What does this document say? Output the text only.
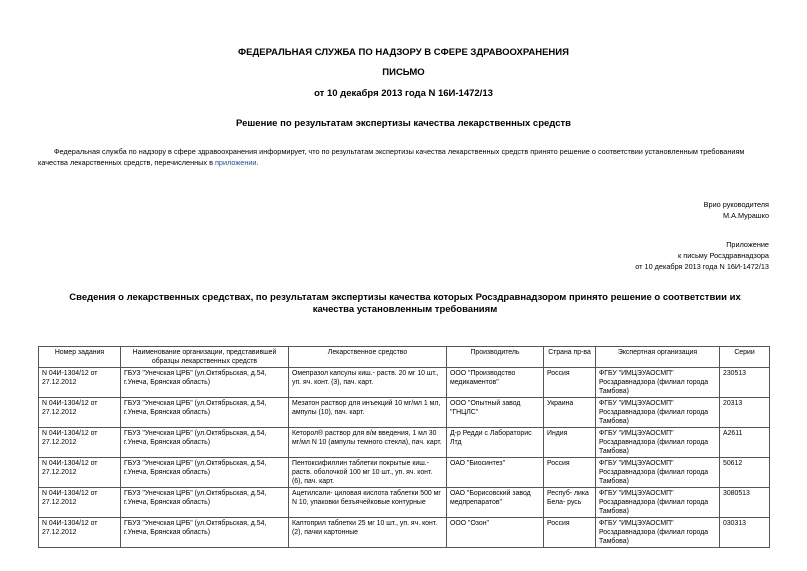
ФЕДЕРАЛЬНАЯ СЛУЖБА ПО НАДЗОРУ В СФЕРЕ ЗДРАВООХРАНЕНИЯ
ПИСЬМО
от 10 декабря 2013 года N 16И-1472/13
Решение по результатам экспертизы качества лекарственных средств

Федеральная служба по надзору в сфере здравоохранения информирует, что по результатам экспертизы качества лекарственных средств принято решение о соответствии установленным требованиям качества лекарственных средств, перечисленных в приложении.

Врио руководителя
М.А.Мурашко
Приложение
к письму Росздравнадзора
от 10 декабря 2013 года N 16И-1472/13
Сведения о лекарственных средствах, по результатам экспертизы качества которых Росздравнадзором принято решение о соответствии их качества установленным требованиям
Номер задания	Наименование организации, представившей образцы лекарственных средств	Лекарственное средство	Производитель	Страна пр-ва	Экспертная организация	Серии
N 04И-1304/12 от 27.12.2012	ГБУЗ "Унечская ЦРБ" (ул.Октябрьская, д.54, г.Унеча, Брянская область)	Омепразол капсулы киш.- раств. 20 мг 10 шт., уп. яч. конт. (3), пач. карт.	ООО "Производство медикаментов"	Россия	ФГБУ "ИМЦЭУАОСМП" Росздравнадзора (филиал города Тамбова)	230513
N 04И-1304/12 от 27.12.2012	ГБУЗ "Унечская ЦРБ" (ул.Октябрьская, д.54, г.Унеча, Брянская область)	Мезатон раствор для инъекций 10 мг/мл 1 мл, ампулы (10), пач. карт.	ООО "Опытный завод "ГНЦЛС"	Украина	ФГБУ "ИМЦЭУАОСМП" Росздравнадзора (филиал города Тамбова)	20313
N 04И-1304/12 от 27.12.2012	ГБУЗ "Унечская ЦРБ" (ул.Октябрьская, д.54, г.Унеча, Брянская область)	Кеторол® раствор для в/м введения, 1 мл 30 мг/мл N 10 (ампулы темного стекла), пач. карт.	Д-р Редди с Лабораторис Лтд	Индия	ФГБУ "ИМЦЭУАОСМП" Росздравнадзора (филиал города Тамбова)	А2611
N 04И-1304/12 от 27.12.2012	ГБУЗ "Унечская ЦРБ" (ул.Октябрьская, д.54, г.Унеча, Брянская область)	Пентоксифиллин таблетки покрытые киш.- раств. оболочкой 100 мг 10 шт., уп. яч. конт. (6), пач. карт.	ОАО "Биосинтез"	Россия	ФГБУ "ИМЦЭУАОСМП" Росздравнадзора (филиал города Тамбова)	50612
N 04И-1304/12 от 27.12.2012	ГБУЗ "Унечская ЦРБ" (ул.Октябрьская, д.54, г.Унеча, Брянская область)	Ацетилсали- циловая кислота таблетки 500 мг N 10, упаковки безъячейковые контурные	ОАО "Борисовский завод медпрепаратов"	Респуб- лика Бела- русь	ФГБУ "ИМЦЭУАОСМП" Росздравнадзора (филиал города Тамбова)	3080513
N 04И-1304/12 от 27.12.2012	ГБУЗ "Унечская ЦРБ" (ул.Октябрьская, д.54, г.Унеча, Брянская область)	Каптоприл таблетки 25 мг 10 шт., уп. яч. конт. (2), пачки картонные	ООО "Озон"	Россия	ФГБУ "ИМЦЭУАОСМП" Росздравнадзора (филиал города Тамбова)	030313
